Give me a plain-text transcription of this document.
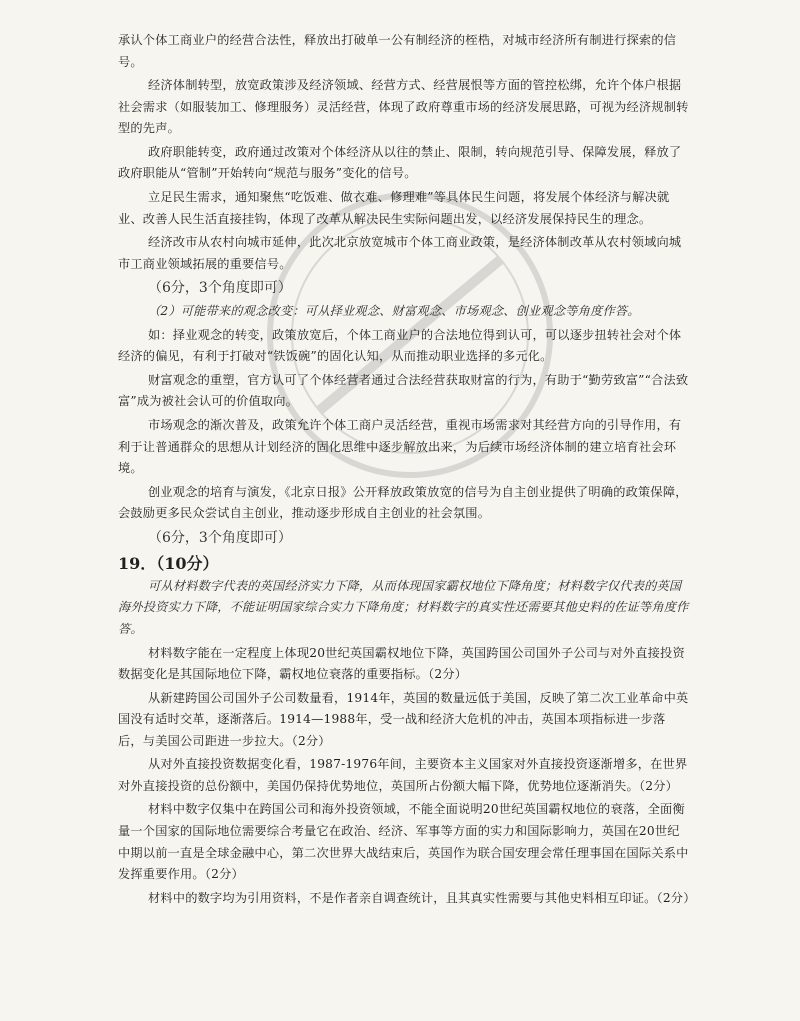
承认个体工商业户的经营合法性，释放出打破单一公有制经济的桎梏，对城市经济所有制进行探索的信号。

经济体制转型，放宽政策涉及经济领域、经营方式、经营展恨等方面的管控松绑，允许个体户根据社会需求（如服装加工、修理服务）灵活经营，体现了政府尊重市场的经济发展思路，可视为经济规制转型的先声。

政府职能转变，政府通过改策对个体经济从以往的禁止、限制，转向规范引导、保障发展，释放了政府职能从“管制”开始转向“规范与服务”变化的信号。

立足民生需求，通知聚焦“吃饭难、做衣难、修理难”等具体民生问题，将发展个体经济与解决就业、改善人民生活直接挂钩，体现了改革从解决民生实际问题出发，以经济发展保持民生的理念。

经济改市从农村向城市延伸，此次北京放宽城市个体工商业政策，是经济体制改革从农村领域向城市工商业领域拓展的重要信号。

（6分，3个角度即可）

（2）可能带来的观念改变：可从择业观念、财富观念、市场观念、创业观念等角度作答。

如：择业观念的转变，政策放宽后，个体工商业户的合法地位得到认可，可以逐步扭转社会对个体经济的偏见，有利于打破对“铁饭碗”的固化认知，从而推动职业选择的多元化。

财富观念的重塑，官方认可了个体经营者通过合法经营获取财富的行为，有助于“勤劳致富”“合法致富”成为被社会认可的价值取向。

市场观念的渐次普及，政策允许个体工商户灵活经营，重视市场需求对其经营方向的引导作用，有利于让普通群众的思想从计划经济的固化思维中逐步解放出来，为后续市场经济体制的建立培育社会环境。

创业观念的培育与演发，《北京日报》公开释放政策放宽的信号为自主创业提供了明确的政策保障，会鼓励更多民众尝试自主创业，推动逐步形成自主创业的社会氛围。

（6分，3个角度即可）
19．（10分）

可从材料数字代表的英国经济实力下降，从而体现国家霸权地位下降角度；材料数字仅代表的英国海外投资实力下降，不能证明国家综合实力下降角度；材料数字的真实性还需要其他史料的佐证等角度作答。

材料数字能在一定程度上体现20世纪英国霸权地位下降，英国跨国公司国外子公司与对外直接投资数据变化是其国际地位下降，霸权地位衰落的重要指标。（2分）

从新建跨国公司国外子公司数量看，1914年，英国的数量远低于美国，反映了第二次工业革命中英国没有适时交革，逐渐落后。1914—1988年，受一战和经济大危机的冲击，英国本项指标进一步落后，与美国公司距进一步拉大。（2分）

从对外直接投资数据变化看，1987-1976年间，主要资本主义国家对外直接投资逐渐增多，在世界对外直接投资的总份额中，美国仍保持优势地位，英国所占份额大幅下降，优势地位逐渐消失。（2分）

材料中数字仅集中在跨国公司和海外投资领域，不能全面说明20世纪英国霸权地位的衰落，全面衡量一个国家的国际地位需要综合考量它在政治、经济、军事等方面的实力和国际影响力，英国在20世纪中期以前一直是全球金融中心，第二次世界大战结束后，英国作为联合国安理会常任理事国在国际关系中发挥重要作用。（2分）

材料中的数字均为引用资料，不是作者亲自调查统计，且其真实性需要与其他史料相互印证。（2分）
